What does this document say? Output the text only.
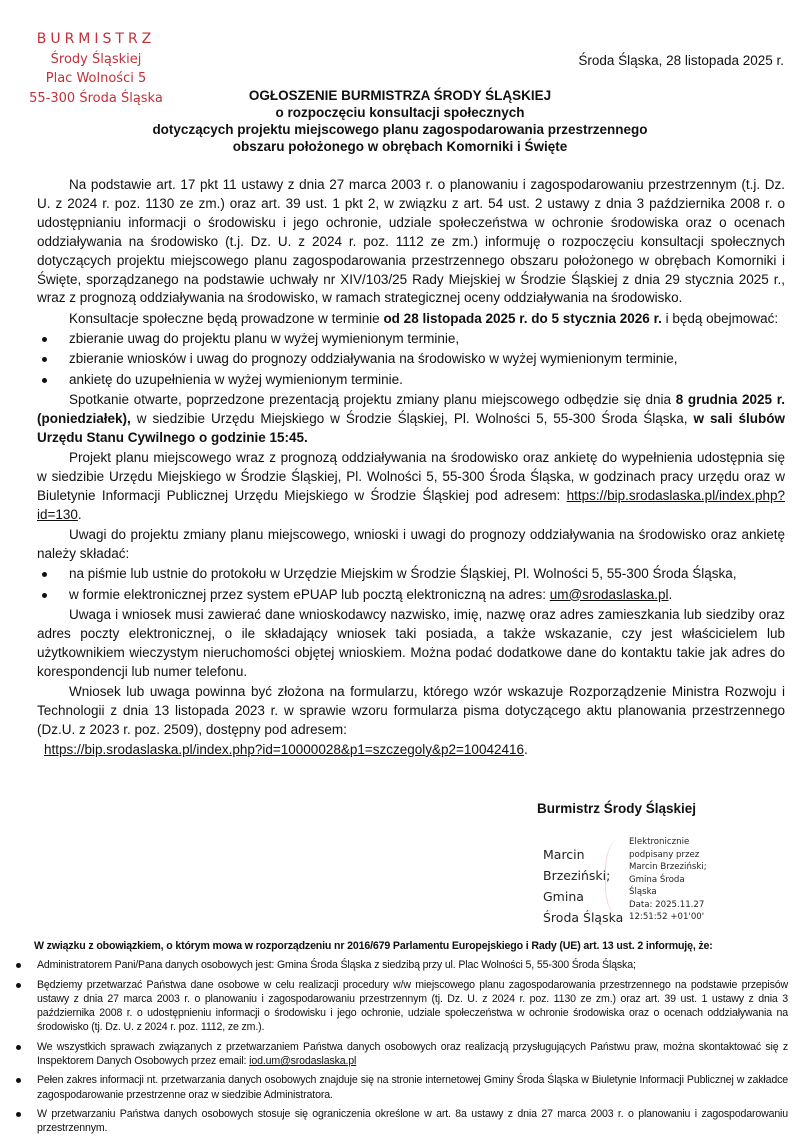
BURMISTRZ
Środy Śląskiej
Plac Wolności 5
55-300 Środa Śląska
Środa Śląska, 28 listopada 2025 r.
OGŁOSZENIE BURMISTRZA ŚRODY ŚLĄSKIEJ
o rozpoczęciu konsultacji społecznych
dotyczących projektu miejscowego planu zagospodarowania przestrzennego
obszaru położonego w obrębach Komorniki i Święte

Na podstawie art. 17 pkt 11 ustawy z dnia 27 marca 2003 r. o planowaniu i zagospodarowaniu przestrzennym (t.j. Dz. U. z 2024 r. poz. 1130 ze zm.) oraz art. 39 ust. 1 pkt 2, w związku z art. 54 ust. 2 ustawy z dnia 3 października 2008 r. o udostępnianiu informacji o środowisku i jego ochronie, udziale społeczeństwa w ochronie środowiska oraz o ocenach oddziaływania na środowisko (t.j. Dz. U. z 2024 r. poz. 1112 ze zm.) informuję o rozpoczęciu konsultacji społecznych dotyczących projektu miejscowego planu zagospodarowania przestrzennego obszaru położonego w obrębach Komorniki i Święte, sporządzanego na podstawie uchwały nr XIV/103/25 Rady Miejskiej w Środzie Śląskiej z dnia 29 stycznia 2025 r., wraz z prognozą oddziaływania na środowisko, w ramach strategicznej oceny oddziaływania na środowisko.

Konsultacje społeczne będą prowadzone w terminie od 28 listopada 2025 r. do 5 stycznia 2026 r. i będą obejmować:

zbieranie uwag do projektu planu w wyżej wymienionym terminie,
zbieranie wniosków i uwag do prognozy oddziaływania na środowisko w wyżej wymienionym terminie,
ankietę do uzupełnienia w wyżej wymienionym terminie.

Spotkanie otwarte, poprzedzone prezentacją projektu zmiany planu miejscowego odbędzie się dnia 8 grudnia 2025 r. (poniedziałek), w siedzibie Urzędu Miejskiego w Środzie Śląskiej, Pl. Wolności 5, 55-300 Środa Śląska, w sali ślubów Urzędu Stanu Cywilnego o godzinie 15:45.

Projekt planu miejscowego wraz z prognozą oddziaływania na środowisko oraz ankietę do wypełnienia udostępnia się w siedzibie Urzędu Miejskiego w Środzie Śląskiej, Pl. Wolności 5, 55-300 Środa Śląska, w godzinach pracy urzędu oraz w Biuletynie Informacji Publicznej Urzędu Miejskiego w Środzie Śląskiej pod adresem: https://bip.srodaslaska.pl/index.php?id=130.

Uwagi do projektu zmiany planu miejscowego, wnioski i uwagi do prognozy oddziaływania na środowisko oraz ankietę należy składać:

na piśmie lub ustnie do protokołu w Urzędzie Miejskim w Środzie Śląskiej, Pl. Wolności 5, 55-300 Środa Śląska,
w formie elektronicznej przez system ePUAP lub pocztą elektroniczną na adres: um@srodaslaska.pl.

Uwaga i wniosek musi zawierać dane wnioskodawcy nazwisko, imię, nazwę oraz adres zamieszkania lub siedziby oraz adres poczty elektronicznej, o ile składający wniosek taki posiada, a także wskazanie, czy jest właścicielem lub użytkownikiem wieczystym nieruchomości objętej wnioskiem. Można podać dodatkowe dane do kontaktu takie jak adres do korespondencji lub numer telefonu.

Wniosek lub uwaga powinna być złożona na formularzu, którego wzór wskazuje Rozporządzenie Ministra Rozwoju i Technologii z dnia 13 listopada 2023 r. w sprawie wzoru formularza pisma dotyczącego aktu planowania przestrzennego (Dz.U. z 2023 r. poz. 2509), dostępny pod adresem:

https://bip.srodaslaska.pl/index.php?id=10000028&p1=szczegoly&p2=10042416.

Burmistrz Środy Śląskiej
Marcin
Brzeziński;
Gmina
Środa Śląska
Elektronicznie
podpisany przez
Marcin Brzeziński;
Gmina Środa
Śląska
Data: 2025.11.27
12:51:52 +01'00'

W związku z obowiązkiem, o którym mowa w rozporządzeniu nr 2016/679 Parlamentu Europejskiego i Rady (UE) art. 13 ust. 2 informuję, że:

Administratorem Pani/Pana danych osobowych jest: Gmina Środa Śląska z siedzibą przy ul. Plac Wolności 5, 55-300 Środa Śląska;
Będziemy przetwarzać Państwa dane osobowe w celu realizacji procedury w/w miejscowego planu zagospodarowania przestrzennego na podstawie przepisów ustawy z dnia 27 marca 2003 r. o planowaniu i zagospodarowaniu przestrzennym (tj. Dz. U. z 2024 r. poz. 1130 ze zm.) oraz art. 39 ust. 1 ustawy z dnia 3 października 2008 r. o udostępnieniu informacji o środowisku i jego ochronie, udziale społeczeństwa w ochronie środowiska oraz o ocenach oddziaływania na środowisko (tj. Dz. U. z 2024 r. poz. 1112, ze zm.).
We wszystkich sprawach związanych z przetwarzaniem Państwa danych osobowych oraz realizacją przysługujących Państwu praw, można skontaktować się z Inspektorem Danych Osobowych przez email: iod.um@srodaslaska.pl
Pełen zakres informacji nt. przetwarzania danych osobowych znajduje się na stronie internetowej Gminy Środa Śląska w Biuletynie Informacji Publicznej w zakładce zagospodarowanie przestrzenne oraz w siedzibie Administratora.
W przetwarzaniu Państwa danych osobowych stosuje się ograniczenia określone w art. 8a ustawy z dnia 27 marca 2003 r. o planowaniu i zagospodarowaniu przestrzennym.
